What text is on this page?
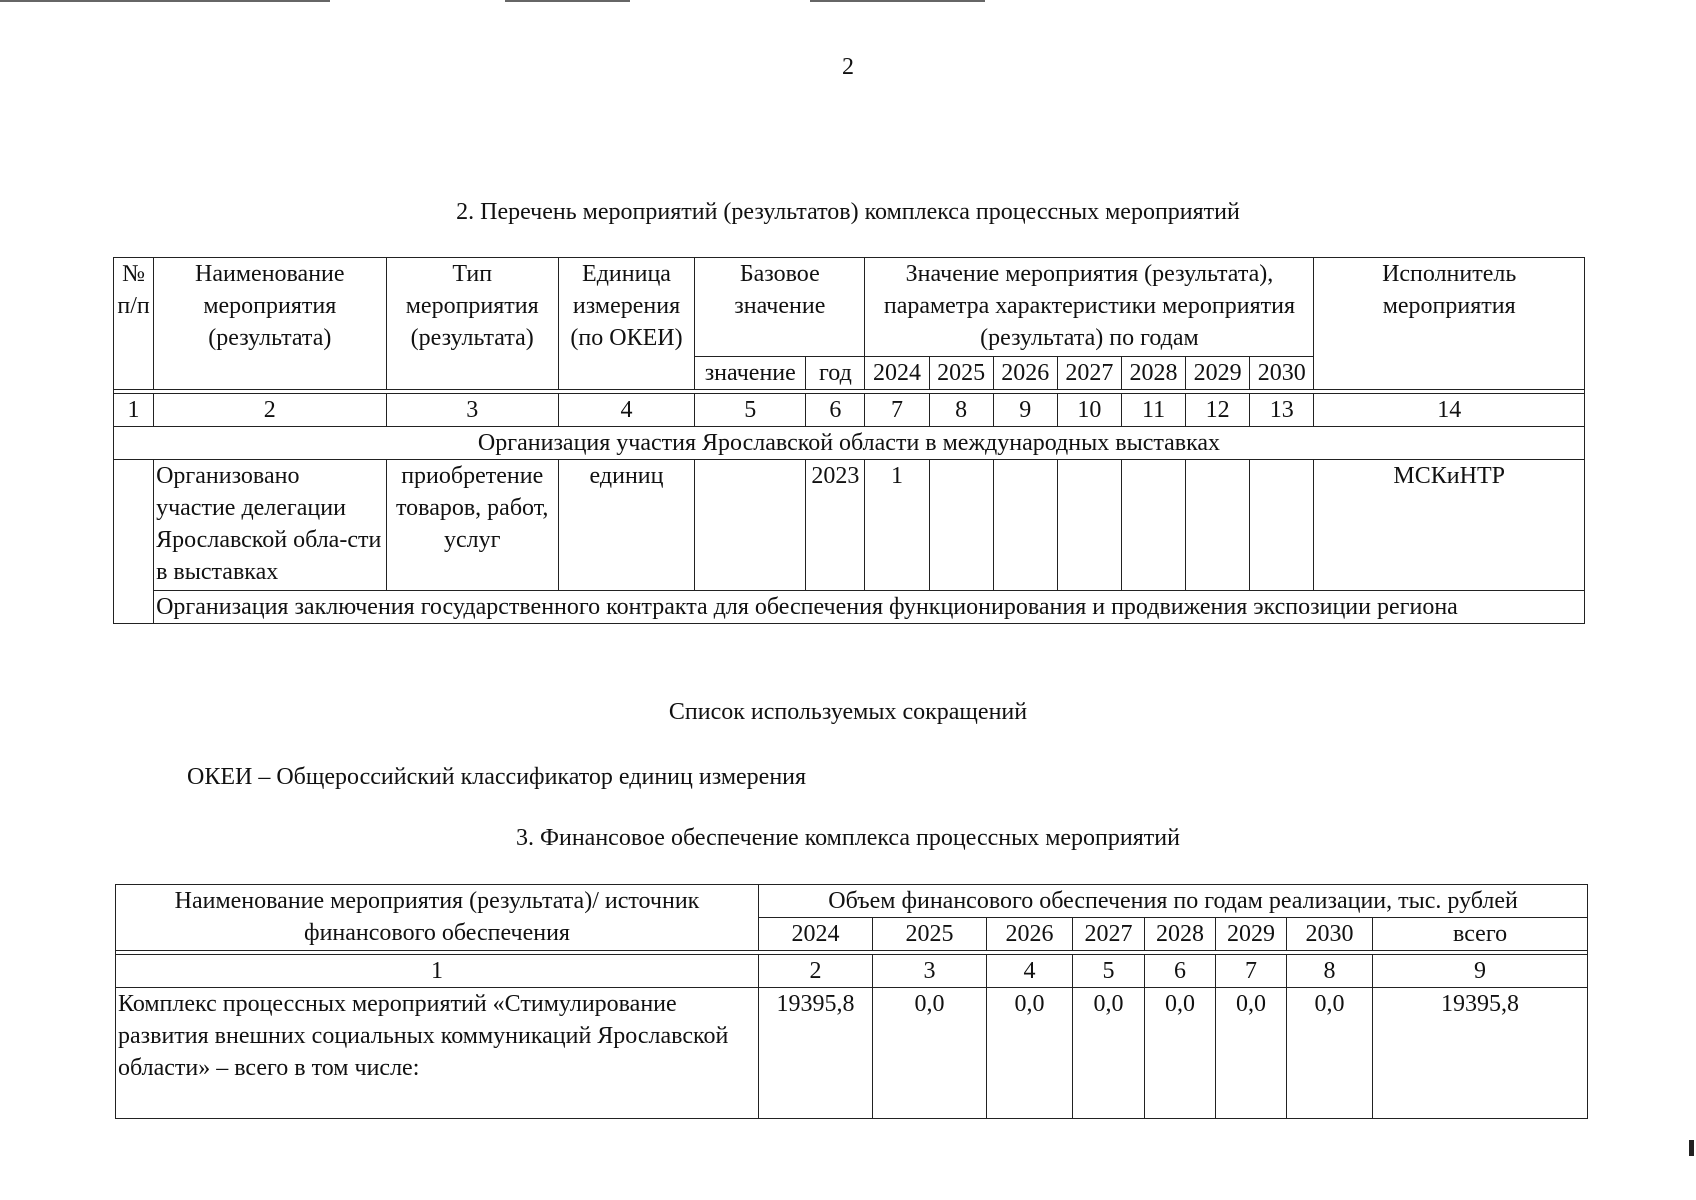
2
2. Перечень мероприятий (результатов) комплекса процессных мероприятий
№ п/п	Наименование мероприятия (результата)	Тип мероприятия (результата)	Единица измерения (по ОКЕИ)	Базовое значение		Значение мероприятия (результата), параметра характеристики мероприятия (результата) по годам							Исполнитель мероприятия
				значение	год	2024	2025	2026	2027	2028	2029	2030	

1	2	3	4	5	6	7	8	9	10	11	12	13	14
Организация участия Ярославской области в международных выставках													
	Организовано участие делегации Ярославской обла-сти в выставках	приобретение товаров, работ, услуг	единиц		2023	1							МСКиНТР
	Организация заключения государственного контракта для обеспечения функционирования и продвижения экспозиции региона												
Список используемых сокращений
ОКЕИ – Общероссийский классификатор единиц измерения
3. Финансовое обеспечение комплекса процессных мероприятий
Наименование мероприятия (результата)/ источник финансового обеспечения	Объем финансового обеспечения по годам реализации, тыс. рублей							
	2024	2025	2026	2027	2028	2029	2030	всего

1	2	3	4	5	6	7	8	9
Комплекс процессных мероприятий «Стимулирование развития внешних социальных коммуникаций Ярославской области» – всего в том числе:	19395,8	0,0	0,0	0,0	0,0	0,0	0,0	19395,8
